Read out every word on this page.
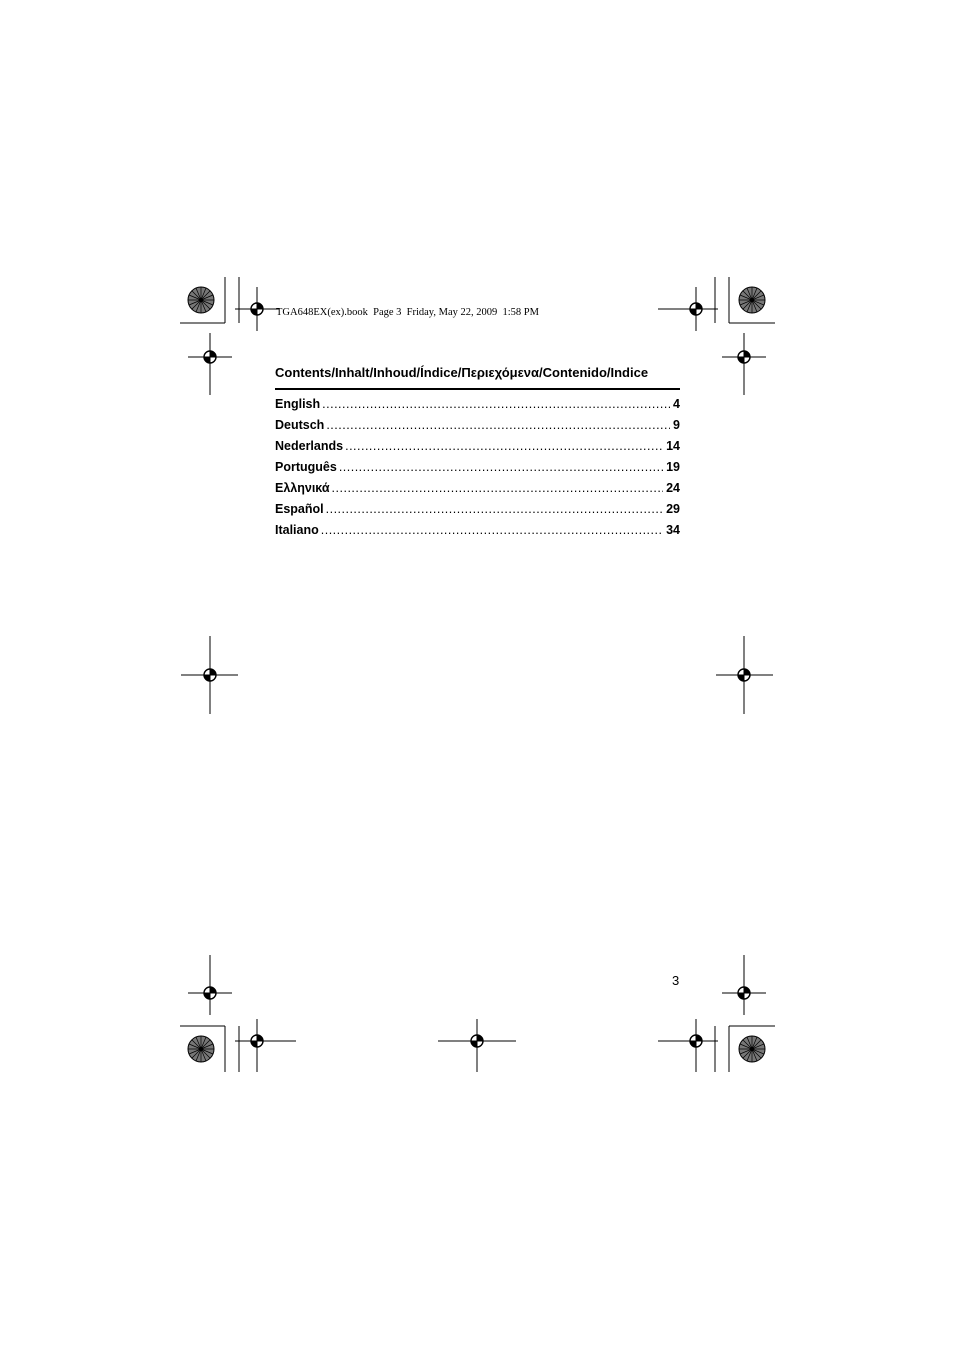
TGA648EX(ex).book  Page 3  Friday, May 22, 2009  1:58 PM
Contents/Inhalt/Inhoud/Índice/Περιεχόμενα/Contenido/Indice
English .....	4
Deutsch .....	9
Nederlands .....	14
Português .....	19
Ελληνικά .....	24
Español .....	29
Italiano .....	34
3
